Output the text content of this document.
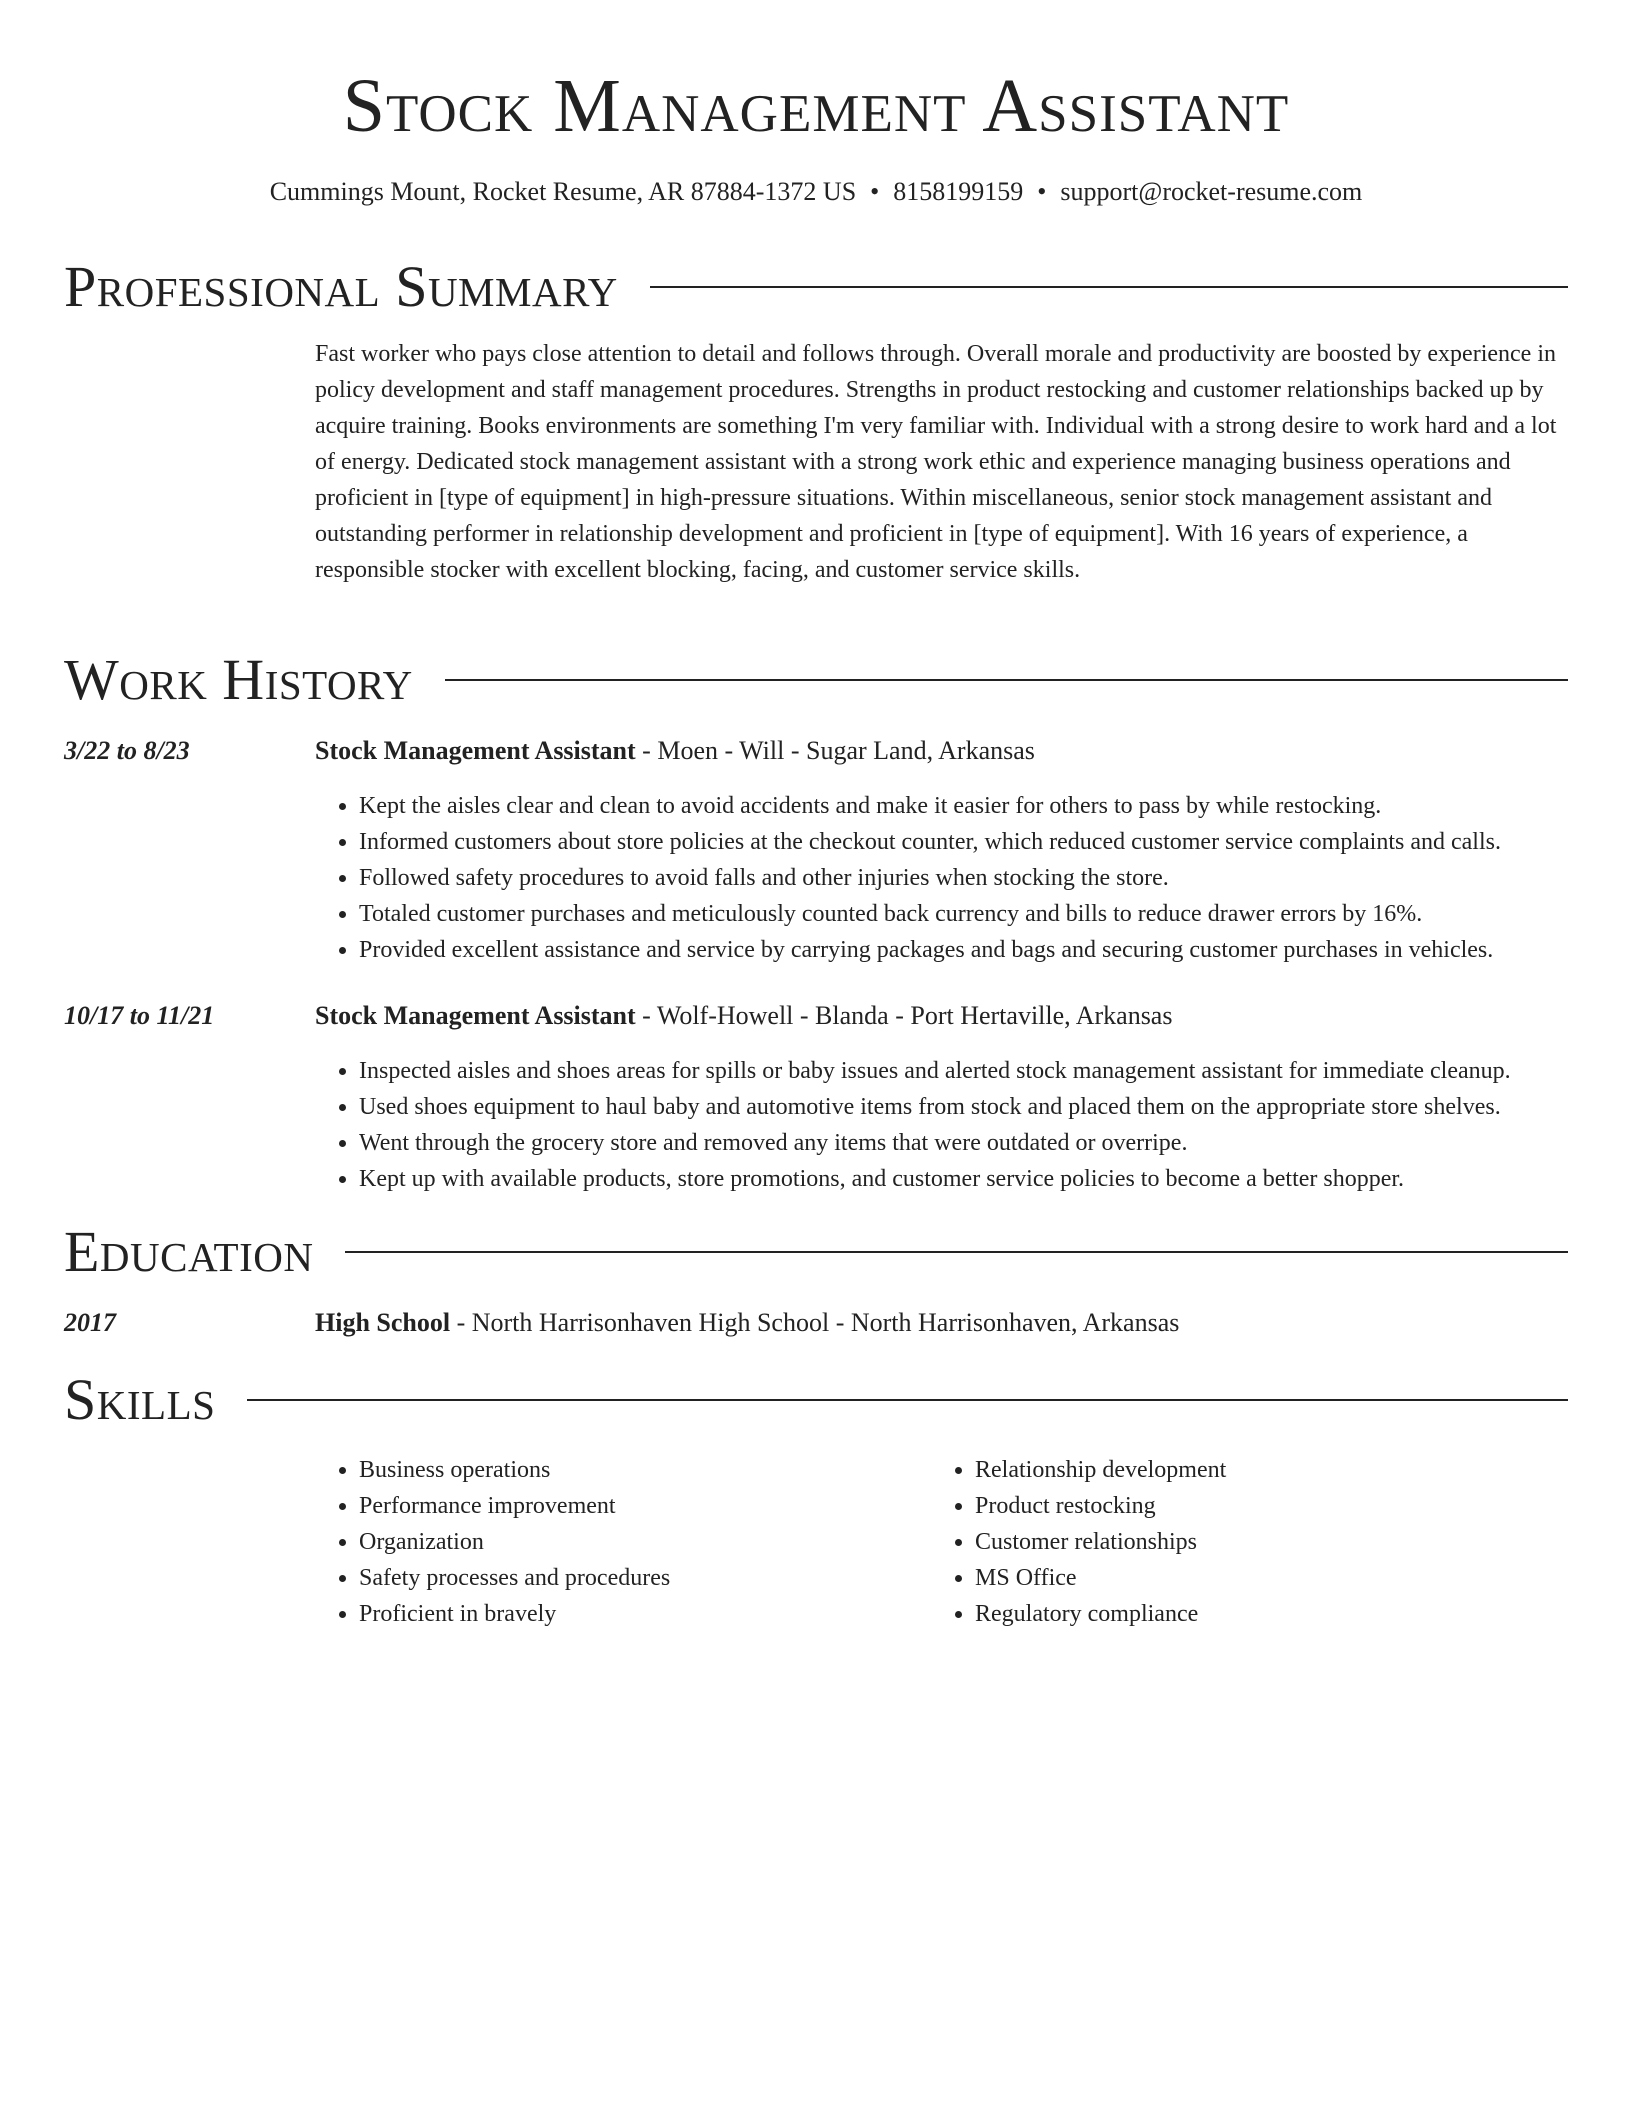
Stock Management Assistant
Cummings Mount, Rocket Resume, AR 87884-1372 US • 8158199159 • support@rocket-resume.com
Professional Summary

Fast worker who pays close attention to detail and follows through. Overall morale and productivity are boosted by experience in policy development and staff management procedures. Strengths in product restocking and customer relationships backed up by acquire training. Books environments are something I'm very familiar with. Individual with a strong desire to work hard and a lot of energy. Dedicated stock management assistant with a strong work ethic and experience managing business operations and proficient in [type of equipment] in high-pressure situations. Within miscellaneous, senior stock management assistant and outstanding performer in relationship development and proficient in [type of equipment]. With 16 years of experience, a responsible stocker with excellent blocking, facing, and customer service skills.

Work History
3/22 to 8/23	Stock Management Assistant - Moen - Will - Sugar Land, Arkansas
• Kept the aisles clear and clean to avoid accidents and make it easier for others to pass by while restocking.
• Informed customers about store policies at the checkout counter, which reduced customer service complaints and calls.
• Followed safety procedures to avoid falls and other injuries when stocking the store.
• Totaled customer purchases and meticulously counted back currency and bills to reduce drawer errors by 16%.
• Provided excellent assistance and service by carrying packages and bags and securing customer purchases in vehicles.
10/17 to 11/21	Stock Management Assistant - Wolf-Howell - Blanda - Port Hertaville, Arkansas
• Inspected aisles and shoes areas for spills or baby issues and alerted stock management assistant for immediate cleanup.
• Used shoes equipment to haul baby and automotive items from stock and placed them on the appropriate store shelves.
• Went through the grocery store and removed any items that were outdated or overripe.
• Kept up with available products, store promotions, and customer service policies to become a better shopper.
Education
2017	High School - North Harrisonhaven High School - North Harrisonhaven, Arkansas
Skills
• Business operations
• Performance improvement
• Organization
• Safety processes and procedures
• Proficient in bravely
• Relationship development
• Product restocking
• Customer relationships
• MS Office
• Regulatory compliance
